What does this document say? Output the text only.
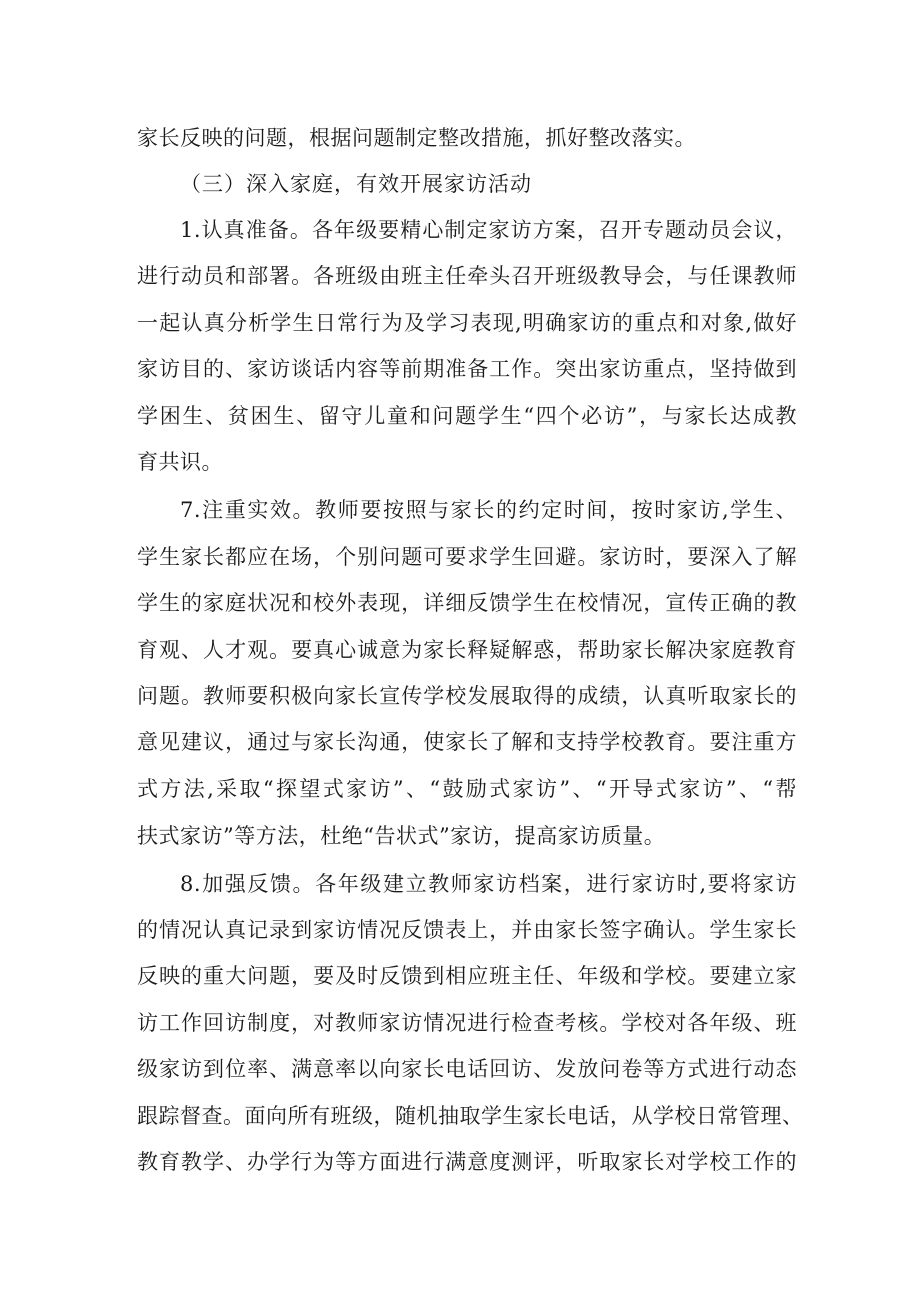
家长反映的问题，根据问题制定整改措施，抓好整改落实。
（三）深入家庭，有效开展家访活动
1.认真准备。各年级要精心制定家访方案，召开专题动员会议，
进行动员和部署。各班级由班主任牵头召开班级教导会，与任课教师
一起认真分析学生日常行为及学习表现,明确家访的重点和对象,做好
家访目的、家访谈话内容等前期准备工作。突出家访重点，坚持做到
学困生、贫困生、留守儿童和问题学生“四个必访”，与家长达成教
育共识。
7.注重实效。教师要按照与家长的约定时间，按时家访,学生、
学生家长都应在场，个别问题可要求学生回避。家访时，要深入了解
学生的家庭状况和校外表现，详细反馈学生在校情况，宣传正确的教
育观、人才观。要真心诚意为家长释疑解惑，帮助家长解决家庭教育
问题。教师要积极向家长宣传学校发展取得的成绩，认真听取家长的
意见建议，通过与家长沟通，使家长了解和支持学校教育。要注重方
式方法,采取“探望式家访”、“鼓励式家访”、“开导式家访”、“帮
扶式家访”等方法，杜绝“告状式”家访，提高家访质量。
8.加强反馈。各年级建立教师家访档案，进行家访时,要将家访
的情况认真记录到家访情况反馈表上，并由家长签字确认。学生家长
反映的重大问题，要及时反馈到相应班主任、年级和学校。要建立家
访工作回访制度，对教师家访情况进行检查考核。学校对各年级、班
级家访到位率、满意率以向家长电话回访、发放问卷等方式进行动态
跟踪督查。面向所有班级，随机抽取学生家长电话，从学校日常管理、
教育教学、办学行为等方面进行满意度测评，听取家长对学校工作的
